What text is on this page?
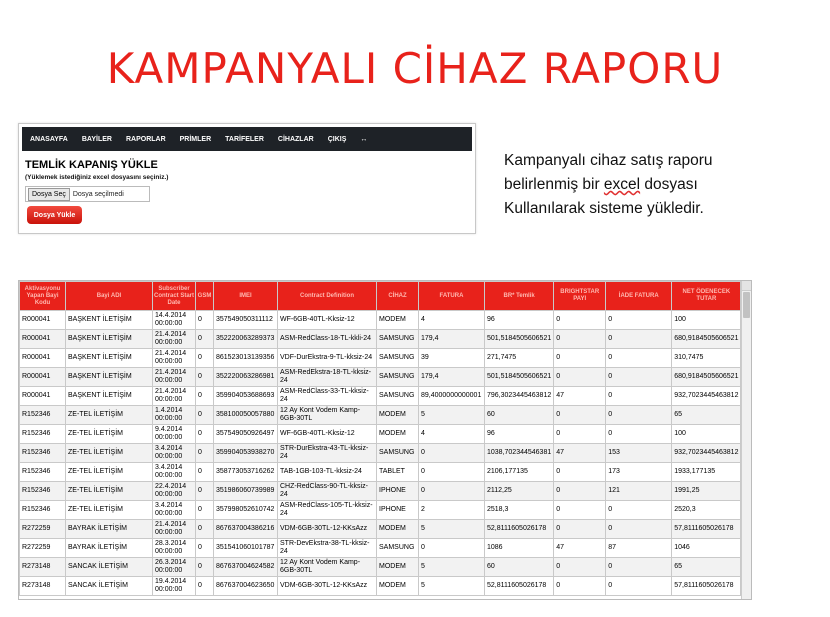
KAMPANYALI CİHAZ RAPORU
ANASAYFA BAYİLER RAPORLAR PRİMLER TARİFELER CİHAZLAR ÇIKIŞ ↔
TEMLİK KAPANIŞ YÜKLE
(Yüklemek istediğiniz excel dosyasını seçiniz.)
Dosya Seç	Dosya seçilmedi
Dosya Yükle
Kampanyalı cihaz satış raporu
belirlenmiş bir excel dosyası
Kullanılarak sisteme yükledir.
Aktivasyonu Yapan Bayi Kodu	Bayi ADI	Subscriber Contract Start Date	GSM	IMEI	Contract Definition	CİHAZ	FATURA	BR* Temlik	BRIGHTSTAR PAYI	İADE FATURA	NET ÖDENECEK TUTAR
R000041	BAŞKENT İLETİŞİM	14.4.2014 00:00:00	0	357549050311112	WF-6GB-40TL-Kksiz-12	MODEM	4	96	0	0	100
R000041	BAŞKENT İLETİŞİM	21.4.2014 00:00:00	0	352220063289373	ASM-RedClass-18-TL-kkli-24	SAMSUNG	179,4	501,5184505606521	0	0	680,9184505606521
R000041	BAŞKENT İLETİŞİM	21.4.2014 00:00:00	0	861523013139356	VDF-DurEkstra-9-TL-kksiz-24	SAMSUNG	39	271,7475	0	0	310,7475
R000041	BAŞKENT İLETİŞİM	21.4.2014 00:00:00	0	352220063286981	ASM-RedEkstra-18-TL-kksiz-24	SAMSUNG	179,4	501,5184505606521	0	0	680,9184505606521
R000041	BAŞKENT İLETİŞİM	21.4.2014 00:00:00	0	359904053688693	ASM-RedClass-33-TL-kksiz-24	SAMSUNG	89,4000000000001	796,3023445463812	47	0	932,7023445463812
R152346	ZE-TEL İLETİŞİM	1.4.2014 00:00:00	0	358100050057880	12 Ay Kont Vodem Kamp-6GB-30TL	MODEM	5	60	0	0	65
R152346	ZE-TEL İLETİŞİM	9.4.2014 00:00:00	0	357549050926497	WF-6GB-40TL-Kksiz-12	MODEM	4	96	0	0	100
R152346	ZE-TEL İLETİŞİM	3.4.2014 00:00:00	0	359904053938270	STR-DurEkstra-43-TL-kksiz-24	SAMSUNG	0	1038,702344546381	47	153	932,7023445463812
R152346	ZE-TEL İLETİŞİM	3.4.2014 00:00:00	0	358773053716262	TAB-1GB-103-TL-kksiz-24	TABLET	0	2106,177135	0	173	1933,177135
R152346	ZE-TEL İLETİŞİM	22.4.2014 00:00:00	0	351986060739989	CHZ-RedClass-90-TL-kksiz-24	IPHONE	0	2112,25	0	121	1991,25
R152346	ZE-TEL İLETİŞİM	3.4.2014 00:00:00	0	357998052610742	ASM-RedClass-105-TL-kksiz-24	IPHONE	2	2518,3	0	0	2520,3
R272259	BAYRAK İLETİŞİM	21.4.2014 00:00:00	0	867637004386216	VDM-6GB-30TL-12-KKsAzz	MODEM	5	52,8111605026178	0	0	57,8111605026178
R272259	BAYRAK İLETİŞİM	28.3.2014 00:00:00	0	351541060101787	STR-DevEkstra-38-TL-kksiz-24	SAMSUNG	0	1086	47	87	1046
R273148	SANCAK İLETİŞİM	26.3.2014 00:00:00	0	867637004624582	12 Ay Kont Vodem Kamp-6GB-30TL	MODEM	5	60	0	0	65
R273148	SANCAK İLETİŞİM	19.4.2014 00:00:00	0	867637004623650	VDM-6GB-30TL-12-KKsAzz	MODEM	5	52,8111605026178	0	0	57,8111605026178
